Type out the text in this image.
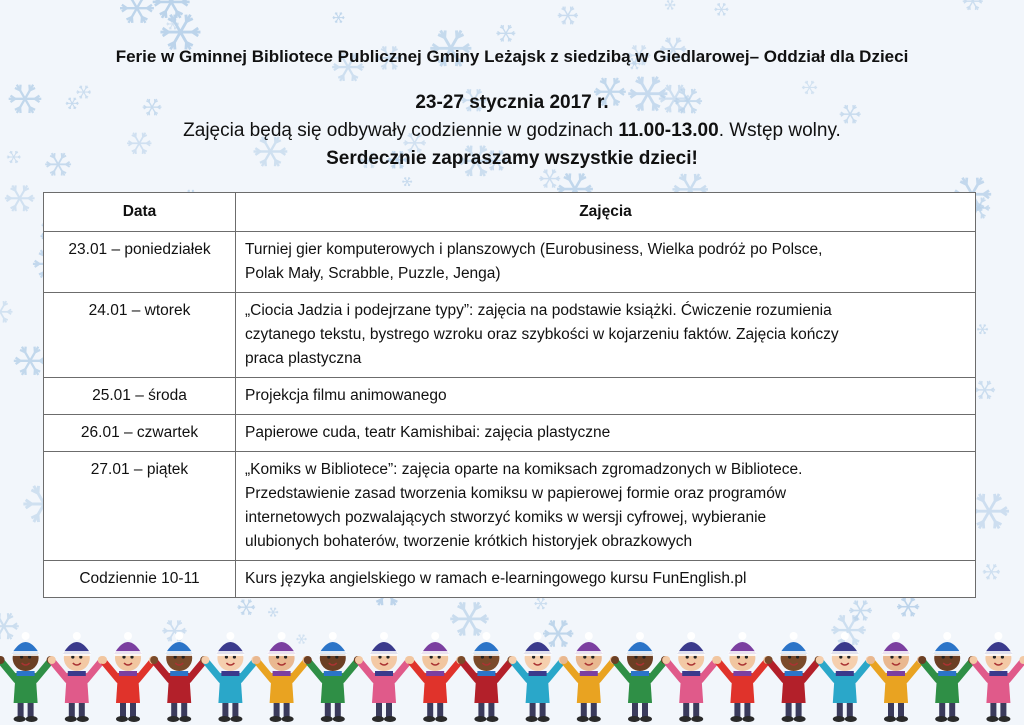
Ferie w Gminnej Bibliotece Publicznej Gminy Leżajsk z siedzibą w Giedlarowej– Oddział dla Dzieci
23-27 stycznia 2017 r.
Zajęcia będą się odbywały codziennie w godzinach 11.00-13.00. Wstęp wolny.
Serdecznie zapraszamy wszystkie dzieci!
Data	Zajęcia
23.01 – poniedziałek	Turniej gier komputerowych i planszowych (Eurobusiness, Wielka podróż po Polsce,
Polak Mały, Scrabble, Puzzle, Jenga)

24.01 – wtorek	„Ciocia Jadzia i podejrzane typy”: zajęcia na podstawie książki. Ćwiczenie rozumienia
czytanego tekstu, bystrego wzroku oraz szybkości w kojarzeniu faktów. Zajęcia kończy
praca plastyczna

25.01 – środa	Projekcja filmu animowanego

26.01 – czwartek	Papierowe cuda, teatr Kamishibai: zajęcia plastyczne

27.01 – piątek	„Komiks w Bibliotece”: zajęcia oparte na komiksach zgromadzonych w Bibliotece.
Przedstawienie zasad tworzenia komiksu w papierowej formie oraz programów
internetowych pozwalających stworzyć komiks w wersji cyfrowej, wybieranie
ulubionych bohaterów, tworzenie krótkich historyjek obrazkowych

Codziennie 10-11	Kurs języka angielskiego w ramach e-learningowego kursu FunEnglish.pl
